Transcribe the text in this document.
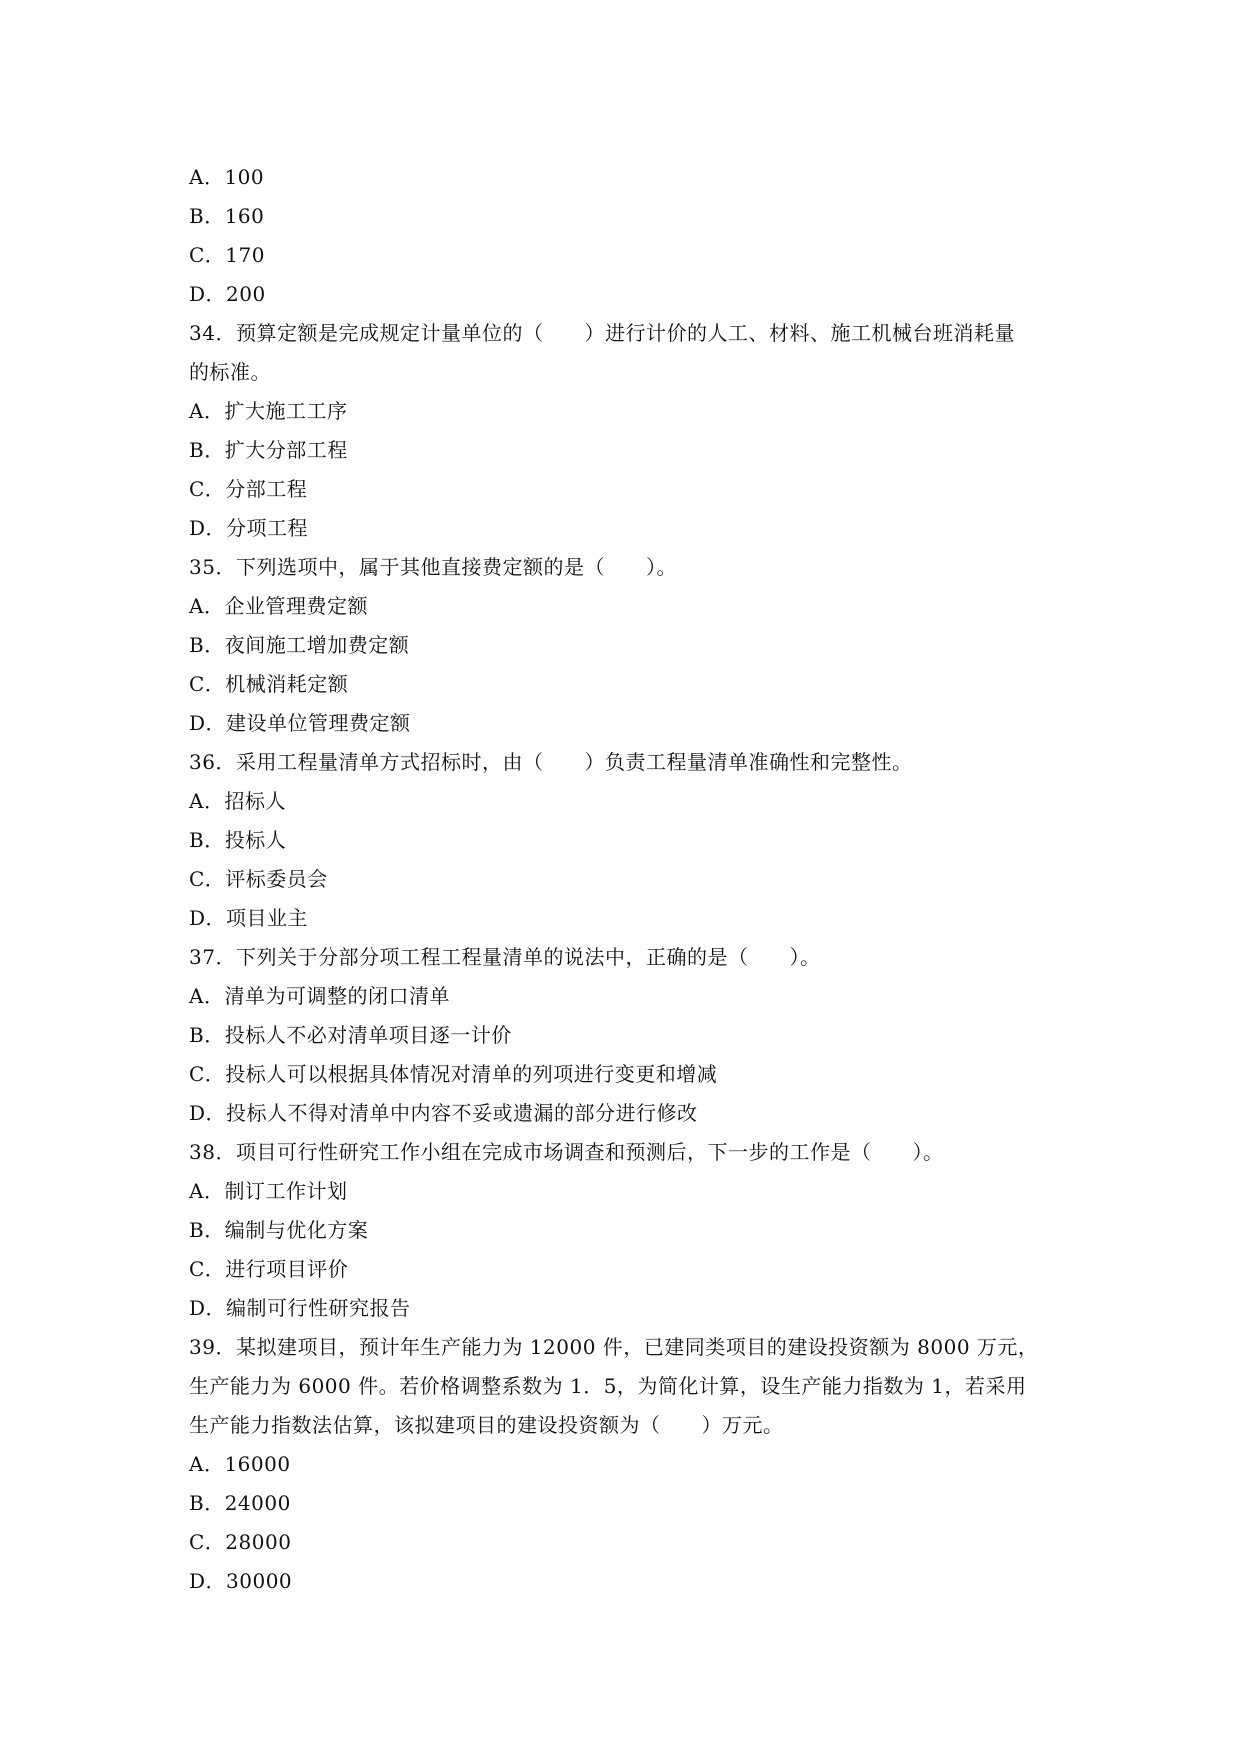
A．100
B．160
C．170
D．200
34．预算定额是完成规定计量单位的（　　）进行计价的人工、材料、施工机械台班消耗量
的标准。
A．扩大施工工序
B．扩大分部工程
C．分部工程
D．分项工程
35．下列选项中，属于其他直接费定额的是（　　）。
A．企业管理费定额
B．夜间施工增加费定额
C．机械消耗定额
D．建设单位管理费定额
36．采用工程量清单方式招标时，由（　　）负责工程量清单准确性和完整性。
A．招标人
B．投标人
C．评标委员会
D．项目业主
37．下列关于分部分项工程工程量清单的说法中，正确的是（　　）。
A．清单为可调整的闭口清单
B．投标人不必对清单项目逐一计价
C．投标人可以根据具体情况对清单的列项进行变更和增减
D．投标人不得对清单中内容不妥或遗漏的部分进行修改
38．项目可行性研究工作小组在完成市场调查和预测后，下一步的工作是（　　）。
A．制订工作计划
B．编制与优化方案
C．进行项目评价
D．编制可行性研究报告
39．某拟建项目，预计年生产能力为 12000 件，已建同类项目的建设投资额为 8000 万元，
生产能力为 6000 件。若价格调整系数为 1．5，为简化计算，设生产能力指数为 1，若采用
生产能力指数法估算，该拟建项目的建设投资额为（　　）万元。
A．16000
B．24000
C．28000
D．30000
